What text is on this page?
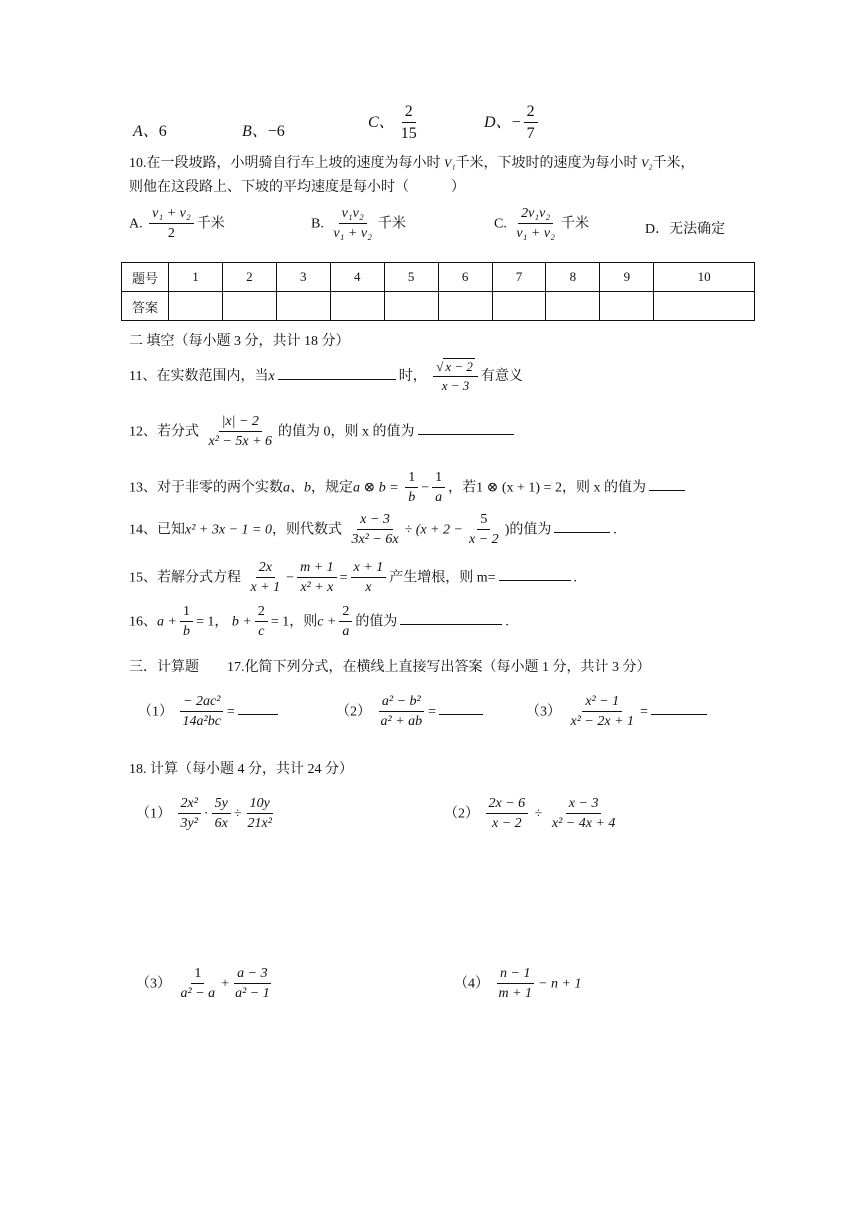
A、6	B、−6
C、 $\frac{2}{15}$	D、− $\frac{2}{7}$
10.在一段坡路，小明骑自行车上坡的速度为每小时 V₁千米，下坡时的速度为每小时 V₂千米，
则他在这段路上、下坡的平均速度是每小时（　　　）
A. $\frac{\text{v₁ + v₂}}{2}$ 千米	B. $\frac{\text{v₁v₂}}{\text{v₁ + v₂}}$ 千米	C. $\frac{\text{2v₁v₂}}{\text{v₁ + v₂}}$ 千米	D．无法确定
题号	1	2	3	4	5	6	7	8	9	10
答案										
二 填空（每小题 3 分，共计 18 分）
11、在实数范围内，当x	时， $\frac{√ x - 2}{x - 3}$ 有意义
12、若分式 $\frac{|x| - 2}{\text{x² − 5x + 6}}$ 的值为 0，则 x 的值为
13、对于非零的两个实数a、b，规定a ⊗ $b = \frac{1}{b} - \frac{1}{a}$ ，若1 ⊗ (x + 1) = 2，则 x 的值为
14、已知x² + 3x − 1 = 0，则代数式 $\frac{x - 3}{\text{3x² − 6x}} \div (x + 2 - \frac{5}{x - 2}$ )的值为	.
15、若解分式方程 $\frac{2x}{x + 1} - \frac{m + 1}{\text{x² + x}} = \frac{x + 1}{x}$ 产生增根，则 m=	.
16、$a + \frac{1}{b} = 1$， $b + \frac{2}{c} = 1$，则$c + \frac{2}{a}$ 的值为	.
三．计算题　　17.化简下列分式，在横线上直接写出答案（每小题 1 分，共计 3 分）
$(1) \frac{\text{− 2ac²}}{\text{14a²bc}}$ =	$(2) \frac{\text{a² − b²}}{\text{a² + ab}}$ =	$(3) \frac{\text{x² − 1}}{\text{x² − 2x + 1}}$ =
18. 计算（每小题 4 分，共计 24 分）
$(1) \frac{\text{2x²}}{\text{3y²}} \cdot \frac{5y}{6x} \div \frac{10y}{\text{21x²}}$	$(2) \frac{2x - 6}{x - 2} \div \frac{x - 3}{\text{x² − 4x + 4}}$
$(3) \frac{1}{\text{a² − a}} + \frac{a - 3}{\text{a² − 1}}$	$(4) \frac{n - 1}{m + 1} - n + 1$
